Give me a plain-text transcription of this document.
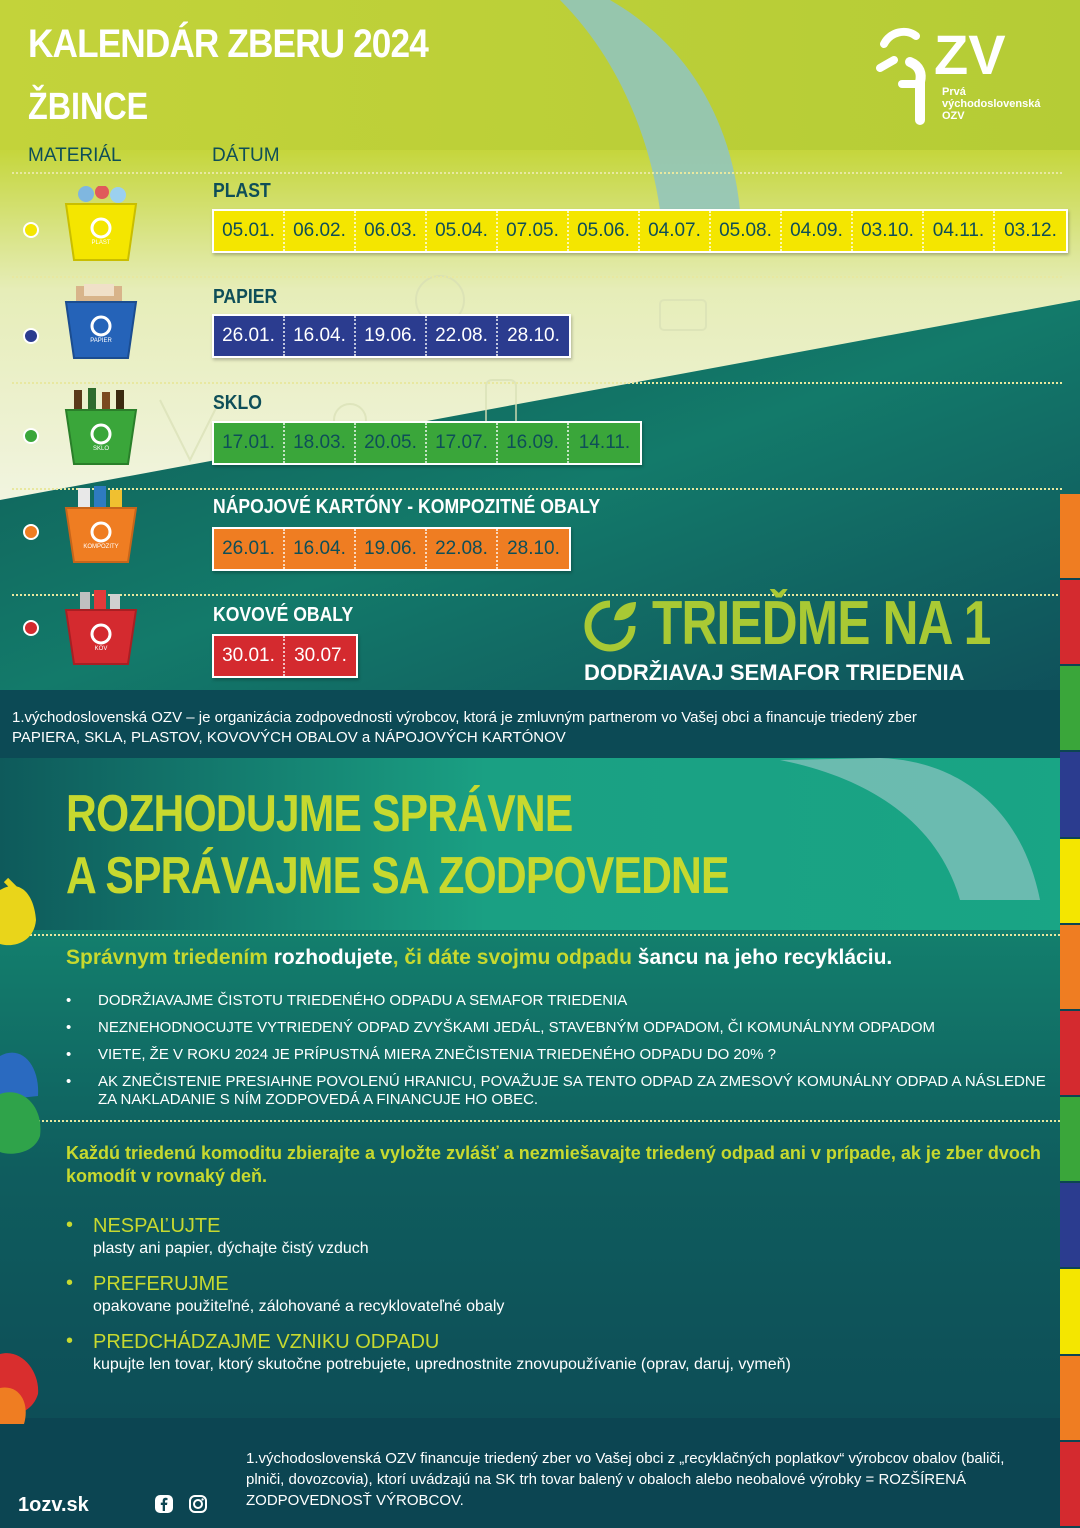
KALENDÁR ZBERU 2024
ŽBINCE
MATERIÁL	DÁTUM
ZV
Prvá
východoslovenská
OZV
PLAST
PLAST
05.01. 06.02. 06.03. 05.04. 07.05. 05.06. 04.07. 05.08. 04.09. 03.10. 04.11.	03.12.
PAPIER
PAPIER
26.01. 16.04. 19.06. 22.08.	28.10.
SKLO
SKLO
17.01. 18.03. 20.05. 17.07. 16.09.	14.11.
KOMPOZITY
NÁPOJOVÉ KARTÓNY - KOMPOZITNÉ OBALY
26.01. 16.04. 19.06. 22.08.	28.10.
KOV
KOVOVÉ OBALY
30.01.	30.07.	TRIEĎME NA 1
DODRŽIAVAJ SEMAFOR TRIEDENIA
1.východoslovenská OZV – je organizácia zodpovednosti výrobcov, ktorá je zmluvným partnerom vo Vašej obci a financuje triedený zber
PAPIERA, SKLA, PLASTOV, KOVOVÝCH OBALOV a NÁPOJOVÝCH KARTÓNOV
ROZHODUJME SPRÁVNE
A SPRÁVAJME SA ZODPOVEDNE
Správnym triedením rozhodujete, či dáte svojmu odpadu šancu na jeho recykláciu.
• DODRŽIAVAJME ČISTOTU TRIEDENÉHO ODPADU A SEMAFOR TRIEDENIA
• NEZNEHODNOCUJTE VYTRIEDENÝ ODPAD ZVYŠKAMI JEDÁL, STAVEBNÝM ODPADOM, ČI KOMUNÁLNYM ODPADOM
• VIETE, ŽE V ROKU 2024 JE PRÍPUSTNÁ MIERA ZNEČISTENIA TRIEDENÉHO ODPADU DO 20% ?
• AK ZNEČISTENIE PRESIAHNE POVOLENÚ HRANICU, POVAŽUJE SA TENTO ODPAD ZA ZMESOVÝ KOMUNÁLNY ODPAD A NÁSLEDNE ZA NAKLADANIE S NÍM ZODPOVEDÁ A FINANCUJE HO OBEC.
Každú triedenú komoditu zbierajte a vyložte zvlášť a nezmiešavajte triedený odpad ani v prípade, ak je zber dvoch komodít v rovnaký deň.
• NESPAĽUJTE
plasty ani papier, dýchajte čistý vzduch
• PREFERUJME
opakovane použiteľné, zálohované a recyklovateľné obaly
• PREDCHÁDZAJME VZNIKU ODPADU
kupujte len tovar, ktorý skutočne potrebujete, uprednostnite znovupoužívanie (oprav, daruj, vymeň)
1ozv.sk
1.východoslovenská OZV financuje triedený zber vo Vašej obci z „recyklačných poplatkov“ výrobcov obalov (baliči, plniči, dovozcovia), ktorí uvádzajú na SK trh tovar balený v obaloch alebo neobalové výrobky = ROZŠÍRENÁ ZODPOVEDNOSŤ VÝROBCOV.
